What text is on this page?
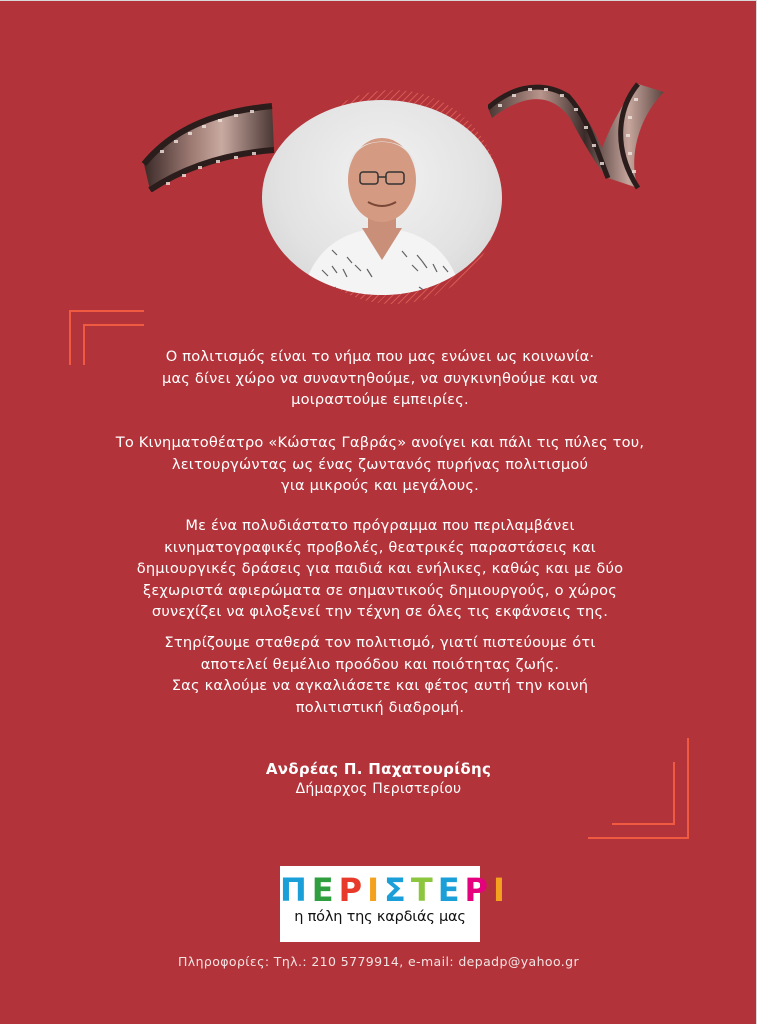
Ο πολιτισμός είναι το νήμα που μας ενώνει ως κοινωνία·
μας δίνει χώρο να συναντηθούμε, να συγκινηθούμε και να
μοιραστούμε εμπειρίες.
Το Κινηματοθέατρο «Κώστας Γαβράς» ανοίγει και πάλι τις πύλες του,
λειτουργώντας ως ένας ζωντανός πυρήνας πολιτισμού
για μικρούς και μεγάλους.
Με ένα πολυδιάστατο πρόγραμμα που περιλαμβάνει
κινηματογραφικές προβολές, θεατρικές παραστάσεις και
δημιουργικές δράσεις για παιδιά και ενήλικες, καθώς και με δύο
ξεχωριστά αφιερώματα σε σημαντικούς δημιουργούς, ο χώρος
συνεχίζει να φιλοξενεί την τέχνη σε όλες τις εκφάνσεις της.
Στηρίζουμε σταθερά τον πολιτισμό, γιατί πιστεύουμε ότι
αποτελεί θεμέλιο προόδου και ποιότητας ζωής.
Σας καλούμε να αγκαλιάσετε και φέτος αυτή την κοινή
πολιτιστική διαδρομή.
Ανδρέας Π. Παχατουρίδης
Δήμαρχος Περιστερίου
ΠΕΡΙΣΤΕΡΙ
η πόλη της καρδιάς μας
Πληροφορίες: Τηλ.: 210 5779914, e-mail: depadp@yahoo.gr
